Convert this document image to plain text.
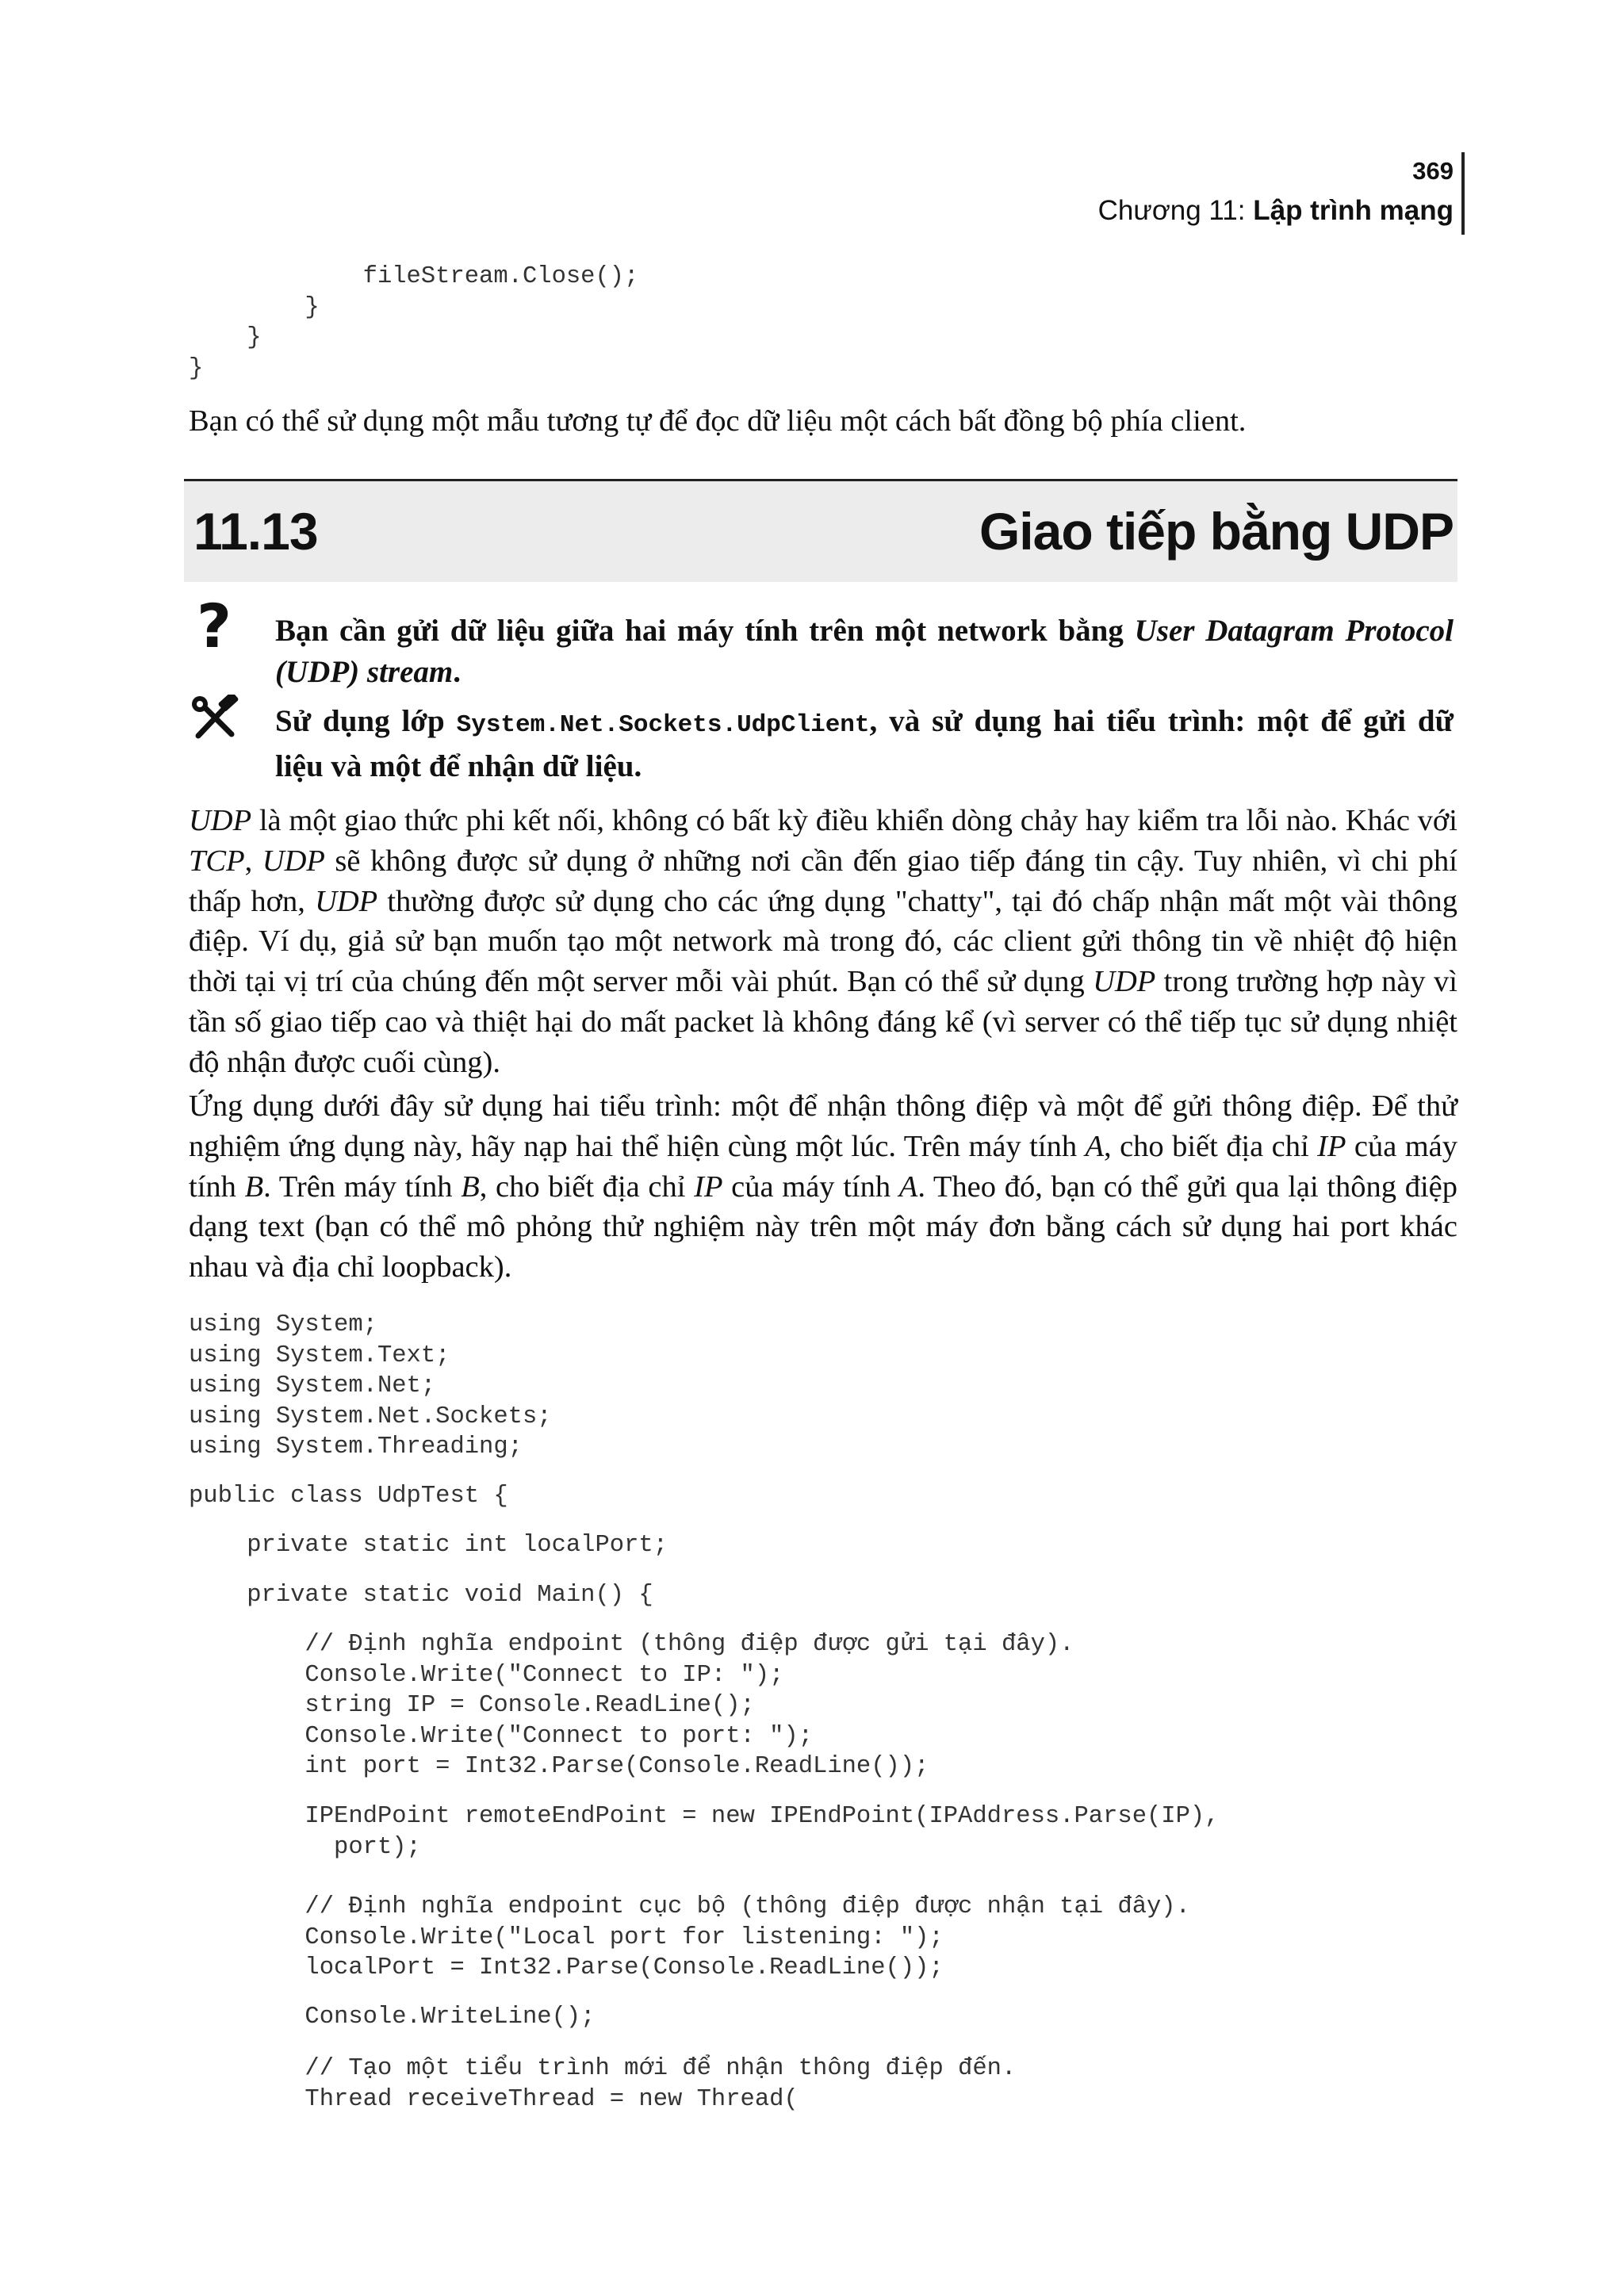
369
Chương 11: Lập trình mạng
fileStream.Close();
}
}
}

Bạn có thể sử dụng một mẫu tương tự để đọc dữ liệu một cách bất đồng bộ phía client.

11.13	Giao tiếp bằng UDP
? Bạn cần gửi dữ liệu giữa hai máy tính trên một network bằng User Datagram Protocol (UDP) stream.
Sử dụng lớp System.Net.Sockets.UdpClient, và sử dụng hai tiểu trình: một để gửi dữ liệu và một để nhận dữ liệu.

UDP là một giao thức phi kết nối, không có bất kỳ điều khiển dòng chảy hay kiểm tra lỗi nào. Khác với TCP, UDP sẽ không được sử dụng ở những nơi cần đến giao tiếp đáng tin cậy. Tuy nhiên, vì chi phí thấp hơn, UDP thường được sử dụng cho các ứng dụng "chatty", tại đó chấp nhận mất một vài thông điệp. Ví dụ, giả sử bạn muốn tạo một network mà trong đó, các client gửi thông tin về nhiệt độ hiện thời tại vị trí của chúng đến một server mỗi vài phút. Bạn có thể sử dụng UDP trong trường hợp này vì tần số giao tiếp cao và thiệt hại do mất packet là không đáng kể (vì server có thể tiếp tục sử dụng nhiệt độ nhận được cuối cùng).

Ứng dụng dưới đây sử dụng hai tiểu trình: một để nhận thông điệp và một để gửi thông điệp. Để thử nghiệm ứng dụng này, hãy nạp hai thể hiện cùng một lúc. Trên máy tính A, cho biết địa chỉ IP của máy tính B. Trên máy tính B, cho biết địa chỉ IP của máy tính A. Theo đó, bạn có thể gửi qua lại thông điệp dạng text (bạn có thể mô phỏng thử nghiệm này trên một máy đơn bằng cách sử dụng hai port khác nhau và địa chỉ loopback).

using System;
using System.Text;
using System.Net;
using System.Net.Sockets;
using System.Threading;
public class UdpTest {
private static int localPort;
private static void Main() {
// Định nghĩa endpoint (thông điệp được gửi tại đây).
Console.Write("Connect to IP: ");
string IP = Console.ReadLine();
Console.Write("Connect to port: ");
int port = Int32.Parse(Console.ReadLine());
IPEndPoint remoteEndPoint = new IPEndPoint(IPAddress.Parse(IP),
port);
// Định nghĩa endpoint cục bộ (thông điệp được nhận tại đây).
Console.Write("Local port for listening: ");
localPort = Int32.Parse(Console.ReadLine());
Console.WriteLine();
// Tạo một tiểu trình mới để nhận thông điệp đến.
Thread receiveThread = new Thread(
